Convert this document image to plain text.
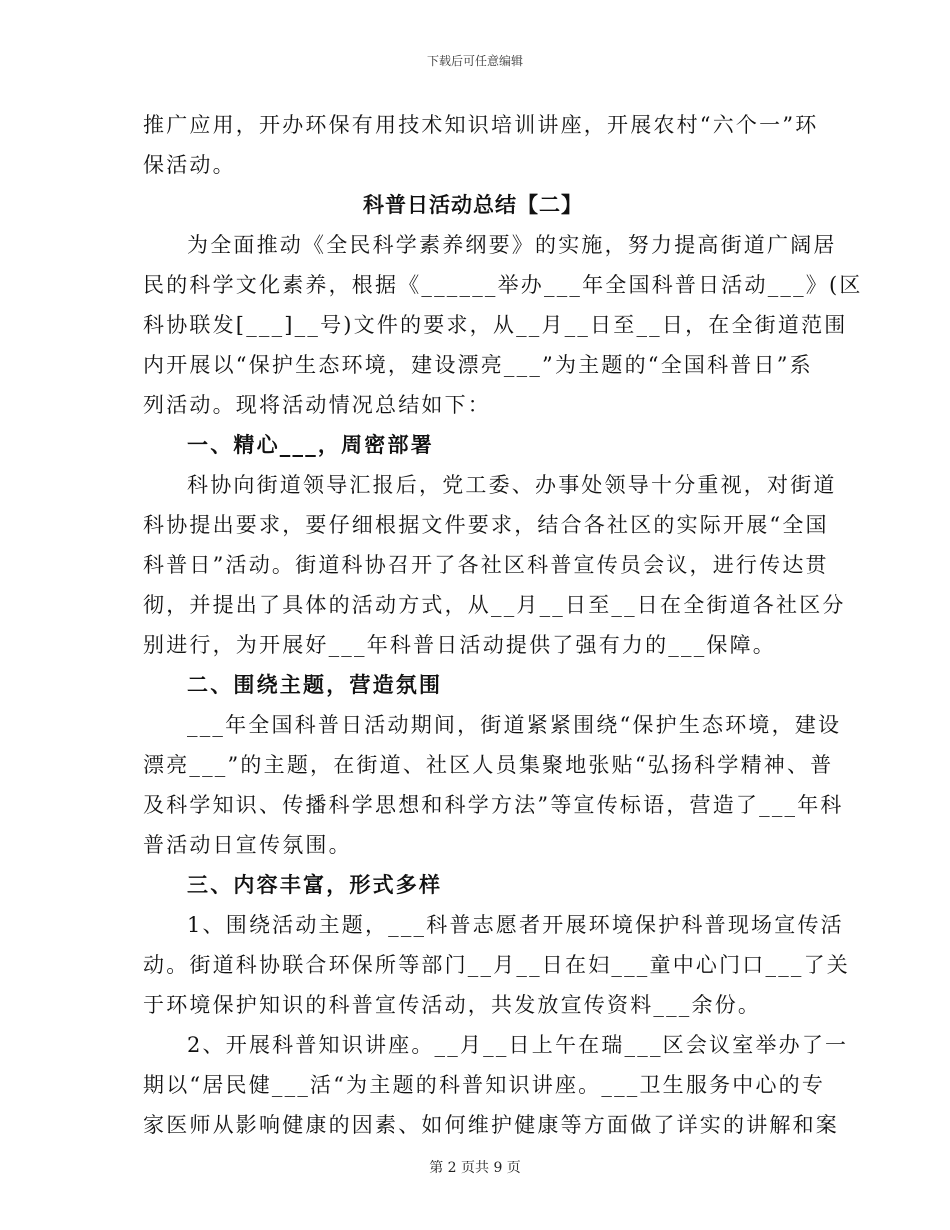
下载后可任意编辑
推广应用，开办环保有用技术知识培训讲座，开展农村“六个一”环
保活动。
科普日活动总结【二】
为全面推动《全民科学素养纲要》的实施，努力提高街道广阔居
民的科学文化素养，根据《______举办___年全国科普日活动___》(区
科协联发[___]__号)文件的要求，从__月__日至__日，在全街道范围
内开展以“保护生态环境，建设漂亮___”为主题的“全国科普日”系
列活动。现将活动情况总结如下：
一、精心___，周密部署
科协向街道领导汇报后，党工委、办事处领导十分重视，对街道
科协提出要求，要仔细根据文件要求，结合各社区的实际开展“全国
科普日”活动。街道科协召开了各社区科普宣传员会议，进行传达贯
彻，并提出了具体的活动方式，从__月__日至__日在全街道各社区分
别进行，为开展好___年科普日活动提供了强有力的___保障。
二、围绕主题，营造氛围
___年全国科普日活动期间，街道紧紧围绕“保护生态环境，建设
漂亮___”的主题，在街道、社区人员集聚地张贴“弘扬科学精神、普
及科学知识、传播科学思想和科学方法”等宣传标语，营造了___年科
普活动日宣传氛围。
三、内容丰富，形式多样
1、围绕活动主题，___科普志愿者开展环境保护科普现场宣传活
动。街道科协联合环保所等部门__月__日在妇___童中心门口___了关
于环境保护知识的科普宣传活动，共发放宣传资料___余份。
2、开展科普知识讲座。__月__日上午在瑞___区会议室举办了一
期以“居民健___活“为主题的科普知识讲座。___卫生服务中心的专
家医师从影响健康的因素、如何维护健康等方面做了详实的讲解和案
第 2 页共 9 页
